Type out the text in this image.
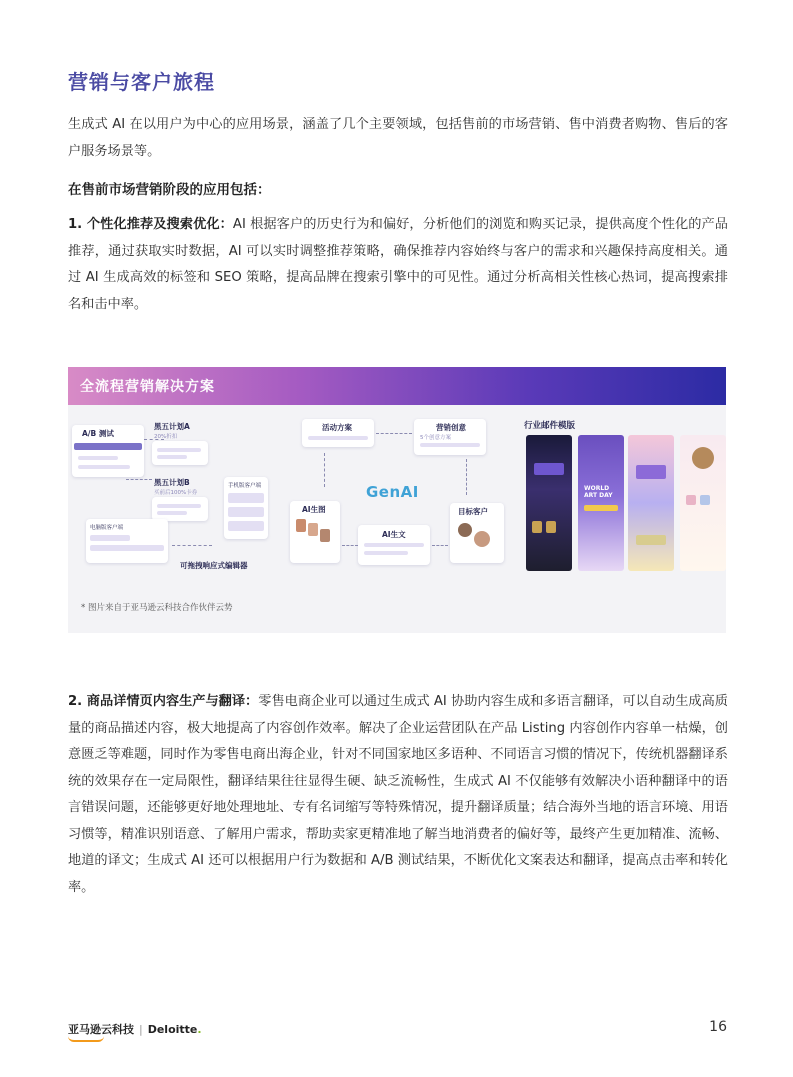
营销与客户旅程

生成式 AI 在以用户为中心的应用场景，涵盖了几个主要领域，包括售前的市场营销、售中消费者购物、售后的客户服务场景等。

在售前市场营销阶段的应用包括：

1. 个性化推荐及搜索优化：AI 根据客户的历史行为和偏好，分析他们的浏览和购买记录，提供高度个性化的产品推荐，通过获取实时数据，AI 可以实时调整推荐策略，确保推荐内容始终与客户的需求和兴趣保持高度相关。通过 AI 生成高效的标签和 SEO 策略，提高品牌在搜索引擎中的可见性。通过分析高相关性核心热词，提高搜索排名和击中率。

全流程营销解决方案
A/B 测试
黑五计划A
20%折扣
黑五计划B
买前后100%卡券
手机版客户端
电脑版客户端
可拖拽响应式编辑器
活动方案	营销创意
5个创意方案
GenAI
AI生图
AI生文
目标客户
行业邮件模版
WORLD ART DAY
* 图片来自于亚马逊云科技合作伙伴云势

2. 商品详情页内容生产与翻译：零售电商企业可以通过生成式 AI 协助内容生成和多语言翻译，可以自动生成高质量的商品描述内容，极大地提高了内容创作效率。解决了企业运营团队在产品 Listing 内容创作内容单一枯燥，创意匮乏等难题，同时作为零售电商出海企业，针对不同国家地区多语种、不同语言习惯的情况下，传统机器翻译系统的效果存在一定局限性，翻译结果往往显得生硬、缺乏流畅性，生成式 AI 不仅能够有效解决小语种翻译中的语言错误问题，还能够更好地处理地址、专有名词缩写等特殊情况，提升翻译质量；结合海外当地的语言环境、用语习惯等，精准识别语意、了解用户需求，帮助卖家更精准地了解当地消费者的偏好等，最终产生更加精准、流畅、地道的译文；生成式 AI 还可以根据用户行为数据和 A/B 测试结果，不断优化文案表达和翻译，提高点击率和转化率。

亚马逊云科技 | Deloitte.	16
